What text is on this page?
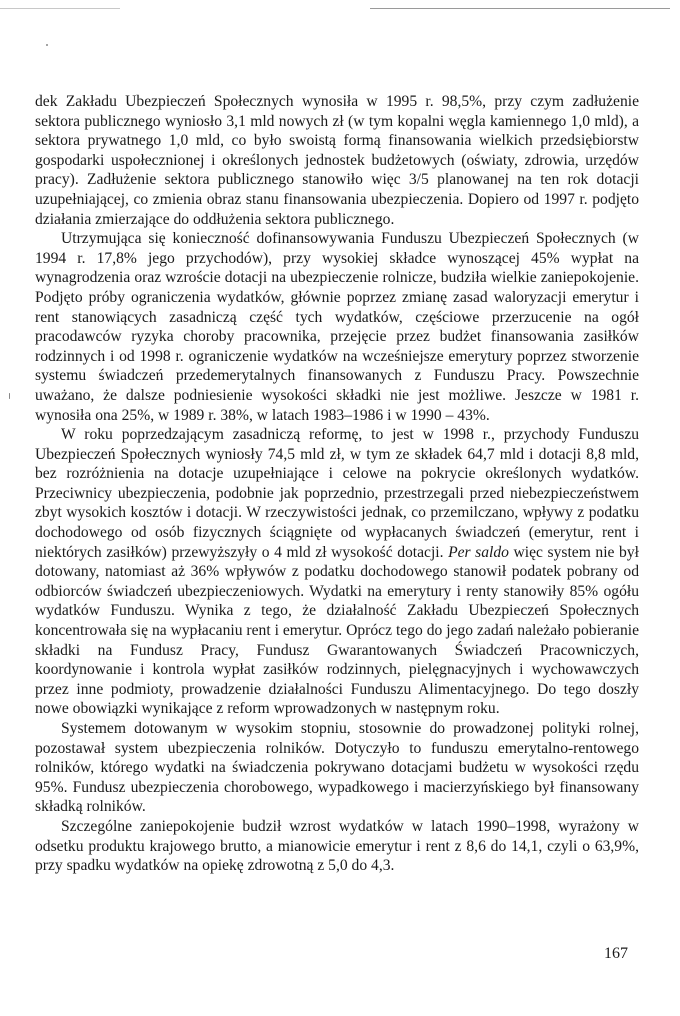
dek Zakładu Ubezpieczeń Społecznych wynosiła w 1995 r. 98,5%, przy czym zadłużenie sektora publicznego wyniosło 3,1 mld nowych zł (w tym kopalni węgla kamiennego 1,0 mld), a sektora prywatnego 1,0 mld, co było swoistą formą finansowania wielkich przedsiębiorstw gospodarki uspołecznionej i określonych jednostek budżetowych (oświaty, zdrowia, urzędów pracy). Zadłużenie sektora publicznego stanowiło więc 3/5 planowanej na ten rok dotacji uzupełniającej, co zmienia obraz stanu finansowania ubezpieczenia. Dopiero od 1997 r. podjęto działania zmierzające do oddłużenia sektora publicznego.

Utrzymująca się konieczność dofinansowywania Funduszu Ubezpieczeń Społecznych (w 1994 r. 17,8% jego przychodów), przy wysokiej składce wynoszącej 45% wypłat na wynagrodzenia oraz wzroście dotacji na ubezpieczenie rolnicze, budziła wielkie zaniepokojenie. Podjęto próby ograniczenia wydatków, głównie poprzez zmianę zasad waloryzacji emerytur i rent stanowiących zasadniczą część tych wydatków, częściowe przerzucenie na ogół pracodawców ryzyka choroby pracownika, przejęcie przez budżet finansowania zasiłków rodzinnych i od 1998 r. ograniczenie wydatków na wcześniejsze emerytury poprzez stworzenie systemu świadczeń przedemerytalnych finansowanych z Funduszu Pracy. Powszechnie uważano, że dalsze podniesienie wysokości składki nie jest możliwe. Jeszcze w 1981 r. wynosiła ona 25%, w 1989 r. 38%, w latach 1983–1986 i w 1990 – 43%.

W roku poprzedzającym zasadniczą reformę, to jest w 1998 r., przychody Funduszu Ubezpieczeń Społecznych wyniosły 74,5 mld zł, w tym ze składek 64,7 mld i dotacji 8,8 mld, bez rozróżnienia na dotacje uzupełniające i celowe na pokrycie określonych wydatków. Przeciwnicy ubezpieczenia, podobnie jak poprzednio, przestrzegali przed niebezpieczeństwem zbyt wysokich kosztów i dotacji. W rzeczywistości jednak, co przemilczano, wpływy z podatku dochodowego od osób fizycznych ściągnięte od wypłacanych świadczeń (emerytur, rent i niektórych zasiłków) przewyższyły o 4 mld zł wysokość dotacji. Per saldo więc system nie był dotowany, natomiast aż 36% wpływów z podatku dochodowego stanowił podatek pobrany od odbiorców świadczeń ubezpieczeniowych. Wydatki na emerytury i renty stanowiły 85% ogółu wydatków Funduszu. Wynika z tego, że działalność Zakładu Ubezpieczeń Społecznych koncentrowała się na wypłacaniu rent i emerytur. Oprócz tego do jego zadań należało pobieranie składki na Fundusz Pracy, Fundusz Gwarantowanych Świadczeń Pracowniczych, koordynowanie i kontrola wypłat zasiłków rodzinnych, pielęgnacyjnych i wychowawczych przez inne podmioty, prowadzenie działalności Funduszu Alimentacyjnego. Do tego doszły nowe obowiązki wynikające z reform wprowadzonych w następnym roku.

Systemem dotowanym w wysokim stopniu, stosownie do prowadzonej polityki rolnej, pozostawał system ubezpieczenia rolników. Dotyczyło to funduszu emerytalno-rentowego rolników, którego wydatki na świadczenia pokrywano dotacjami budżetu w wysokości rzędu 95%. Fundusz ubezpieczenia chorobowego, wypadkowego i macierzyńskiego był finansowany składką rolników.

Szczególne zaniepokojenie budził wzrost wydatków w latach 1990–1998, wyrażony w odsetku produktu krajowego brutto, a mianowicie emerytur i rent z 8,6 do 14,1, czyli o 63,9%, przy spadku wydatków na opiekę zdrowotną z 5,0 do 4,3.

167
